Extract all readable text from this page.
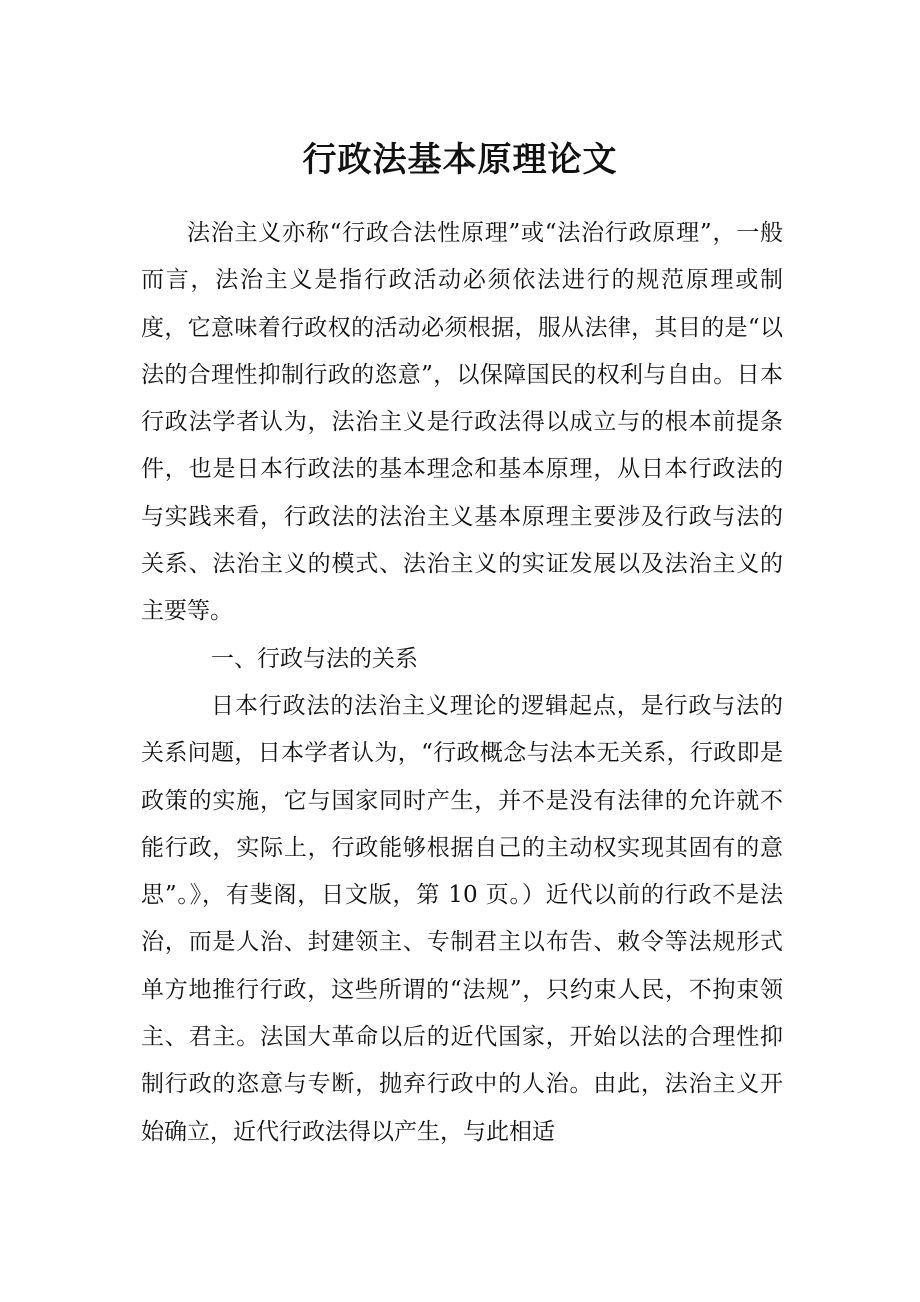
行政法基本原理论文

法治主义亦称“行政合法性原理”或“法治行政原理”，一般而言，法治主义是指行政活动必须依法进行的规范原理或制度，它意味着行政权的活动必须根据，服从法律，其目的是“以法的合理性抑制行政的恣意”，以保障国民的权利与自由。日本行政法学者认为，法治主义是行政法得以成立与的根本前提条件，也是日本行政法的基本理念和基本原理，从日本行政法的与实践来看，行政法的法治主义基本原理主要涉及行政与法的关系、法治主义的模式、法治主义的实证发展以及法治主义的主要等。

一、行政与法的关系

日本行政法的法治主义理论的逻辑起点，是行政与法的关系问题，日本学者认为，“行政概念与法本无关系，行政即是政策的实施，它与国家同时产生，并不是没有法律的允许就不能行政，实际上，行政能够根据自己的主动权实现其固有的意思”。》，有斐阁，日文版，第 10 页。）近代以前的行政不是法治，而是人治、封建领主、专制君主以布告、敕令等法规形式单方地推行行政，这些所谓的“法规”，只约束人民，不拘束领主、君主。法国大革命以后的近代国家，开始以法的合理性抑制行政的恣意与专断，抛弃行政中的人治。由此，法治主义开始确立，近代行政法得以产生，与此相适
